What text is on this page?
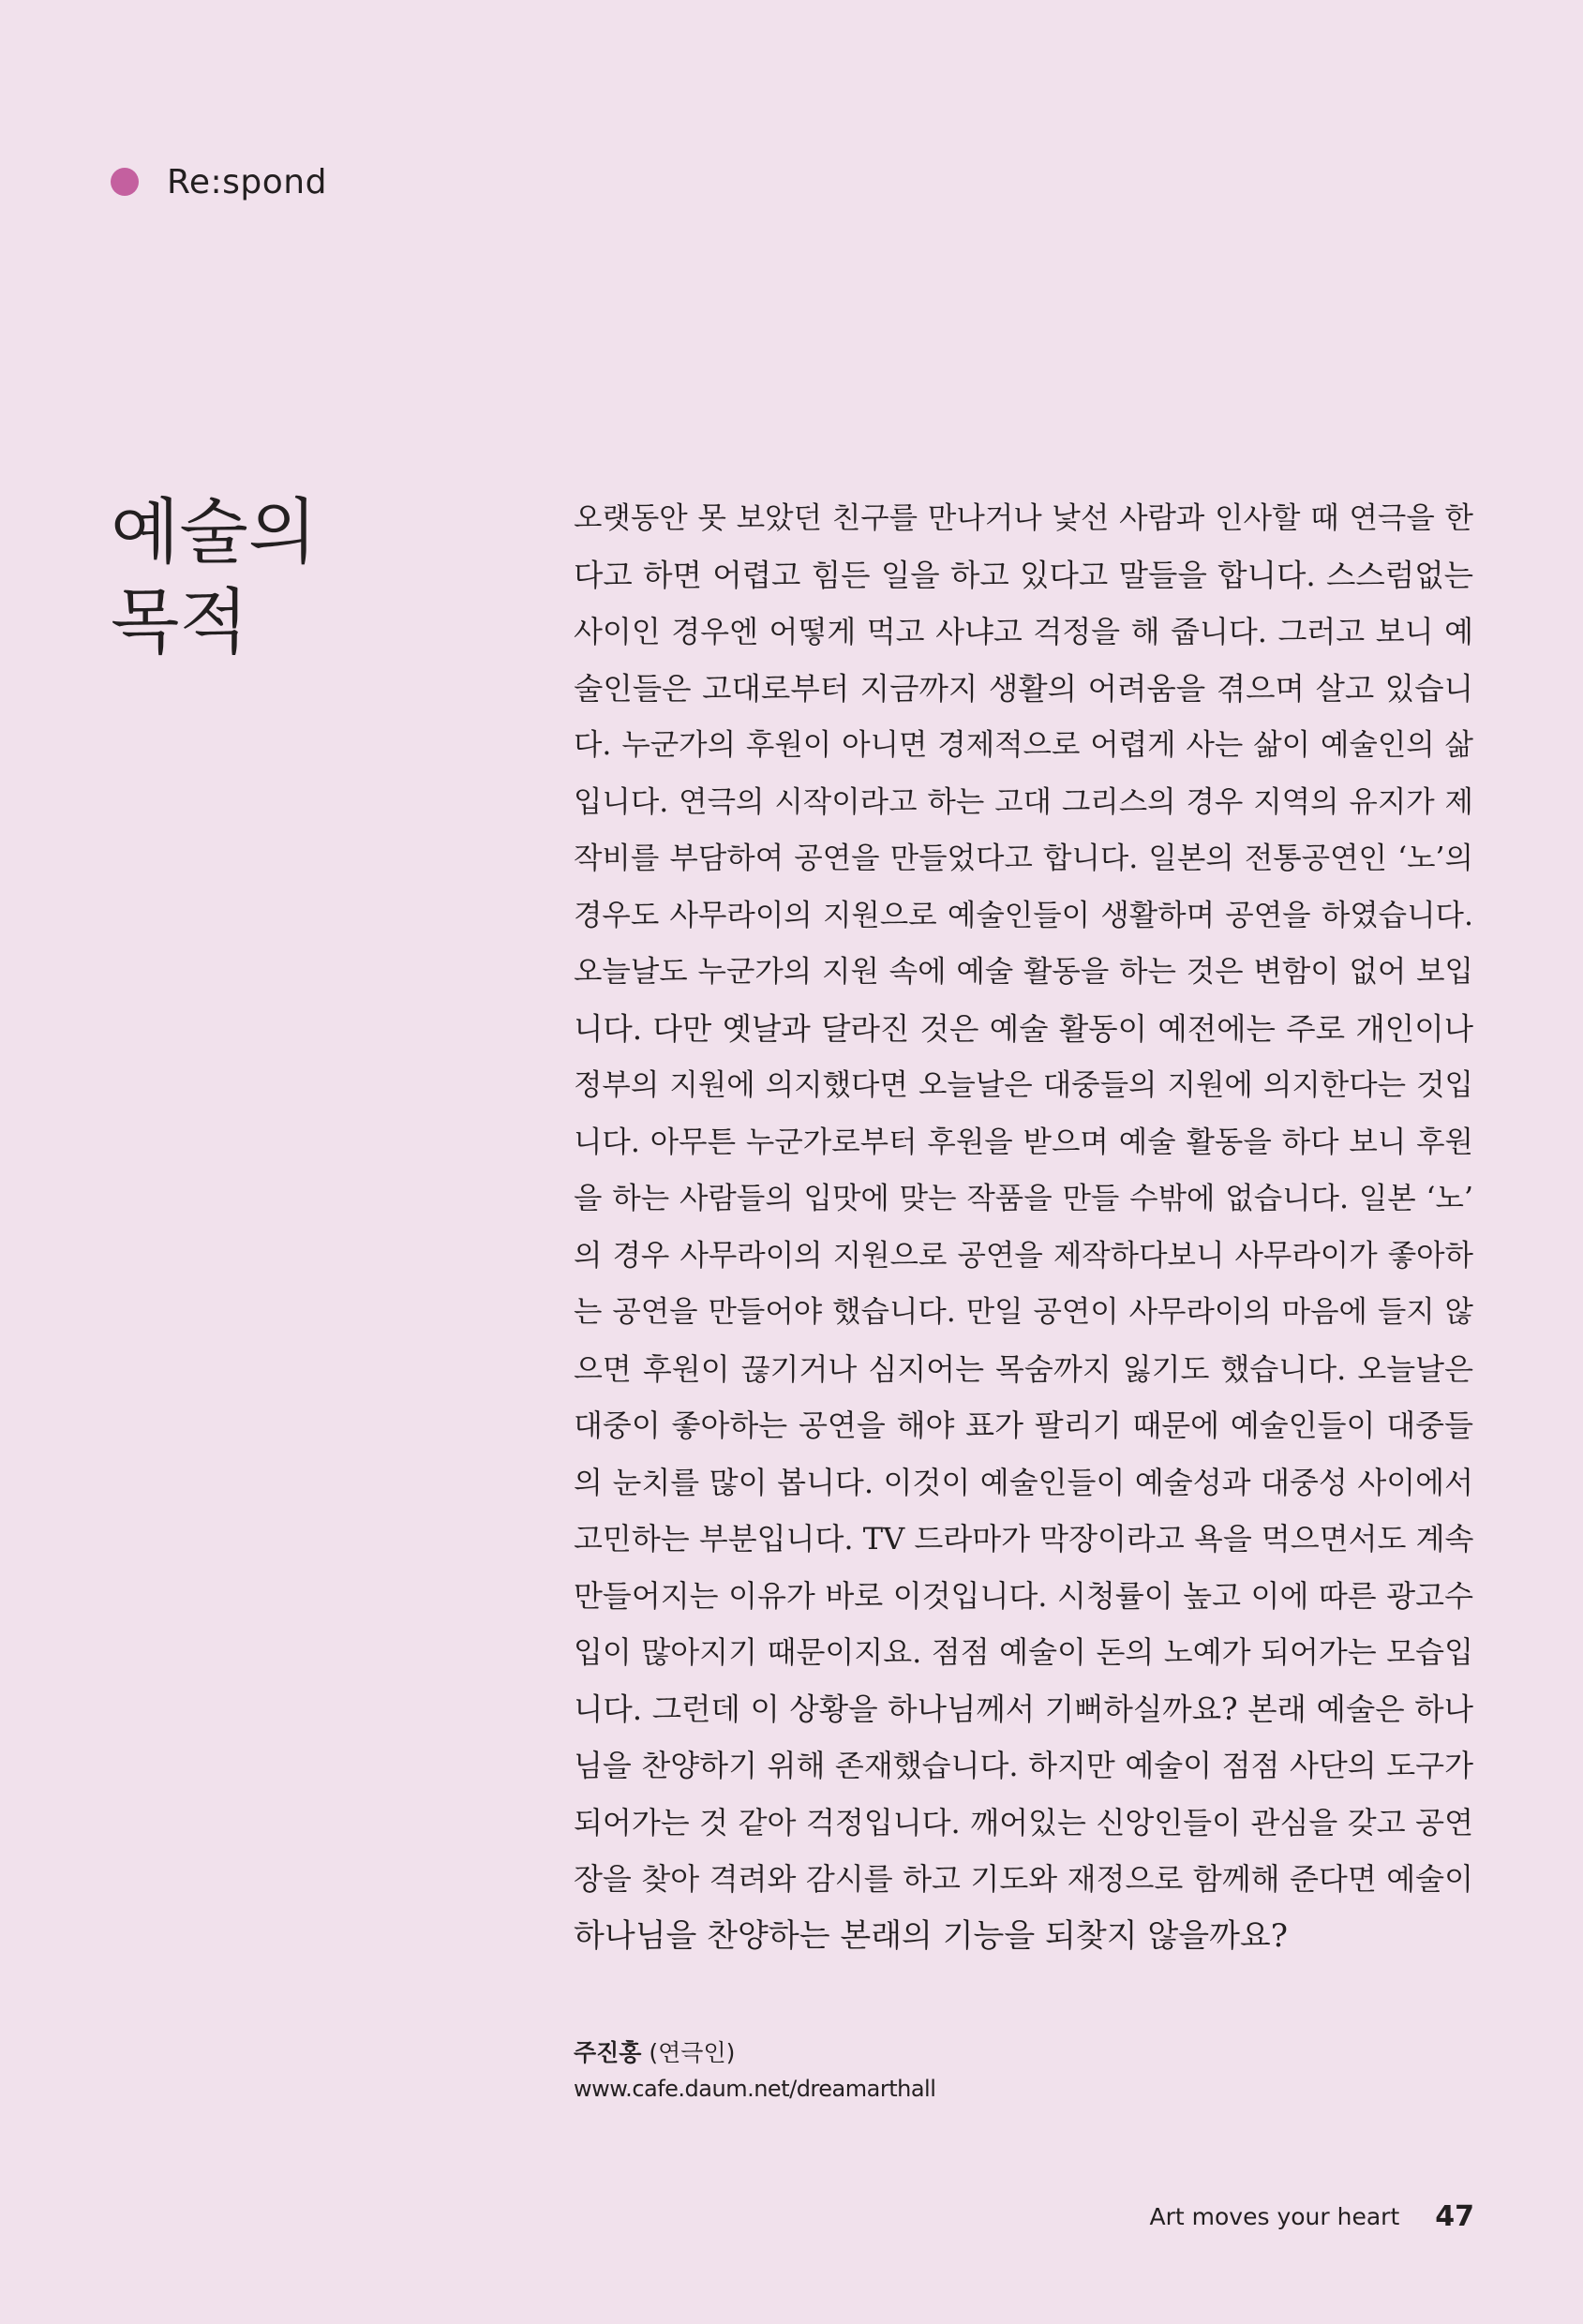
Re:spond
예술의
목적
오랫동안 못 보았던 친구를 만나거나 낯선 사람과 인사할 때 연극을 한
다고 하면 어렵고 힘든 일을 하고 있다고 말들을 합니다. 스스럼없는
사이인 경우엔 어떻게 먹고 사냐고 걱정을 해 줍니다. 그러고 보니 예
술인들은 고대로부터 지금까지 생활의 어려움을 겪으며 살고 있습니
다. 누군가의 후원이 아니면 경제적으로 어렵게 사는 삶이 예술인의 삶
입니다. 연극의 시작이라고 하는 고대 그리스의 경우 지역의 유지가 제
작비를 부담하여 공연을 만들었다고 합니다. 일본의 전통공연인 ‘노’의
경우도 사무라이의 지원으로 예술인들이 생활하며 공연을 하였습니다.
오늘날도 누군가의 지원 속에 예술 활동을 하는 것은 변함이 없어 보입
니다. 다만 옛날과 달라진 것은 예술 활동이 예전에는 주로 개인이나
정부의 지원에 의지했다면 오늘날은 대중들의 지원에 의지한다는 것입
니다. 아무튼 누군가로부터 후원을 받으며 예술 활동을 하다 보니 후원
을 하는 사람들의 입맛에 맞는 작품을 만들 수밖에 없습니다. 일본 ‘노’
의 경우 사무라이의 지원으로 공연을 제작하다보니 사무라이가 좋아하
는 공연을 만들어야 했습니다. 만일 공연이 사무라이의 마음에 들지 않
으면 후원이 끊기거나 심지어는 목숨까지 잃기도 했습니다. 오늘날은
대중이 좋아하는 공연을 해야 표가 팔리기 때문에 예술인들이 대중들
의 눈치를 많이 봅니다. 이것이 예술인들이 예술성과 대중성 사이에서
고민하는 부분입니다. TV 드라마가 막장이라고 욕을 먹으면서도 계속
만들어지는 이유가 바로 이것입니다. 시청률이 높고 이에 따른 광고수
입이 많아지기 때문이지요. 점점 예술이 돈의 노예가 되어가는 모습입
니다. 그런데 이 상황을 하나님께서 기뻐하실까요? 본래 예술은 하나
님을 찬양하기 위해 존재했습니다. 하지만 예술이 점점 사단의 도구가
되어가는 것 같아 걱정입니다. 깨어있는 신앙인들이 관심을 갖고 공연
장을 찾아 격려와 감시를 하고 기도와 재정으로 함께해 준다면 예술이
하나님을 찬양하는 본래의 기능을 되찾지 않을까요?
주진홍 (연극인)
www.cafe.daum.net/dreamarthall
Art moves your heart 47
